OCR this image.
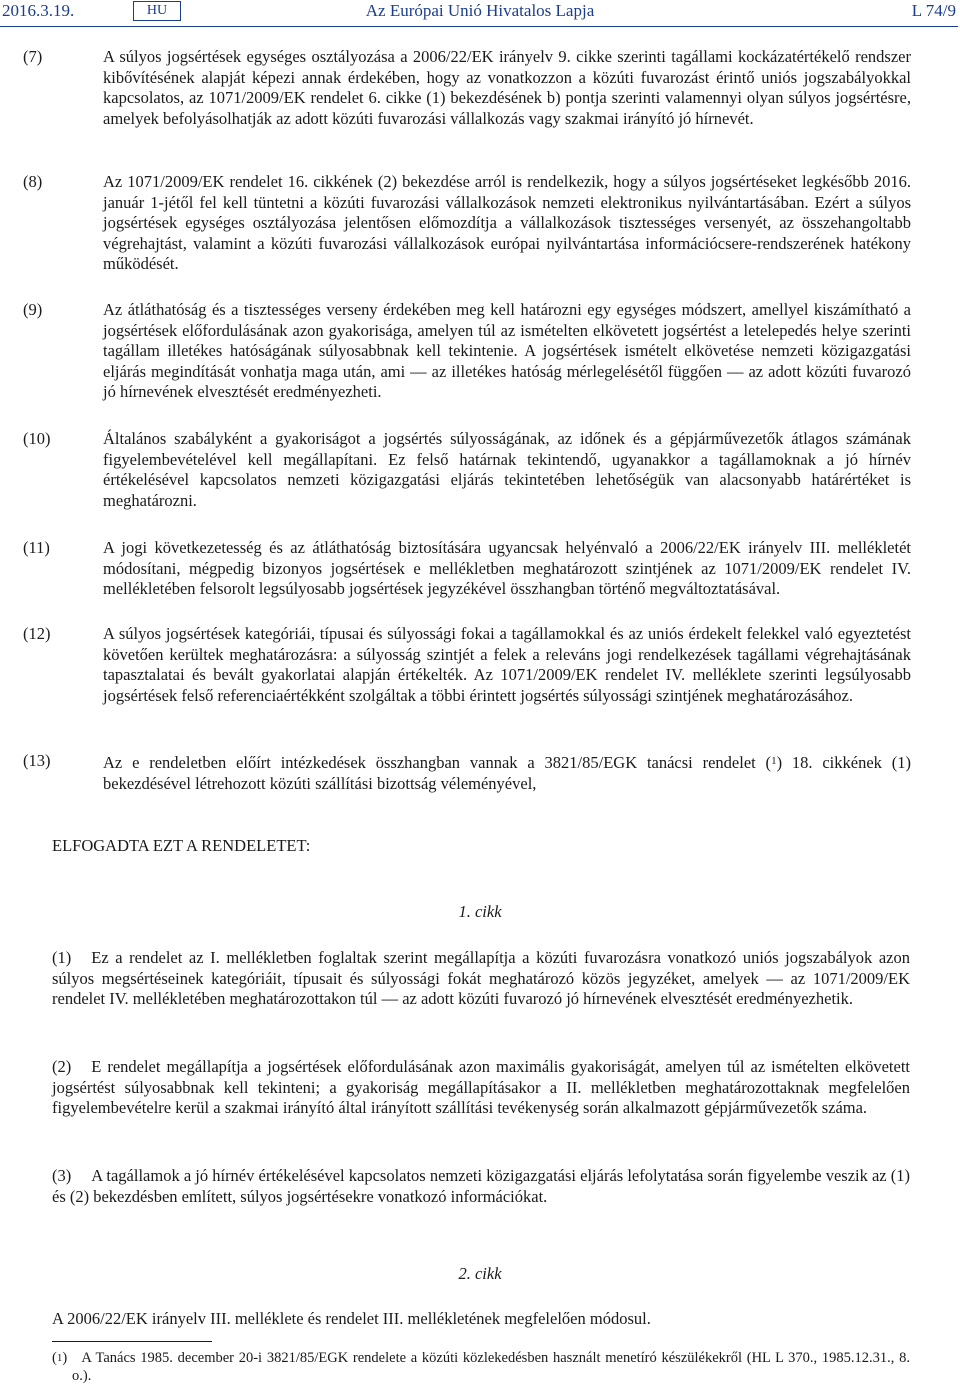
2016.3.19.	HU	Az Európai Unió Hivatalos Lapja	L 74/9
(7)	A súlyos jogsértések egységes osztályozása a 2006/22/EK irányelv 9. cikke szerinti tagállami kockázatértékelő rendszer kibővítésének alapját képezi annak érdekében, hogy az vonatkozzon a közúti fuvarozást érintő uniós jogszabályokkal kapcsolatos, az 1071/2009/EK rendelet 6. cikke (1) bekezdésének b) pontja szerinti valamennyi olyan súlyos jogsértésre, amelyek befolyásolhatják az adott közúti fuvarozási vállalkozás vagy szakmai irányító jó hírnevét.
(8)	Az 1071/2009/EK rendelet 16. cikkének (2) bekezdése arról is rendelkezik, hogy a súlyos jogsértéseket legkésőbb 2016. január 1-jétől fel kell tüntetni a közúti fuvarozási vállalkozások nemzeti elektronikus nyilvántartásában. Ezért a súlyos jogsértések egységes osztályozása jelentősen előmozdítja a vállalkozások tisztességes versenyét, az összehangoltabb végrehajtást, valamint a közúti fuvarozási vállalkozások európai nyilvántartása információcsere-rendszerének hatékony működését.
(9)	Az átláthatóság és a tisztességes verseny érdekében meg kell határozni egy egységes módszert, amellyel kiszámítható a jogsértések előfordulásának azon gyakorisága, amelyen túl az ismételten elkövetett jogsértést a letelepedés helye szerinti tagállam illetékes hatóságának súlyosabbnak kell tekintenie. A jogsértések ismételt elkövetése nemzeti közigazgatási eljárás megindítását vonhatja maga után, ami — az illetékes hatóság mérlegelésétől függően — az adott közúti fuvarozó jó hírnevének elvesztését eredményezheti.
(10)	Általános szabályként a gyakoriságot a jogsértés súlyosságának, az időnek és a gépjárművezetők átlagos számának figyelembevételével kell megállapítani. Ez felső határnak tekintendő, ugyanakkor a tagállamoknak a jó hírnév értékelésével kapcsolatos nemzeti közigazgatási eljárás tekintetében lehetőségük van alacsonyabb határértéket is meghatározni.
(11)	A jogi következetesség és az átláthatóság biztosítására ugyancsak helyénvaló a 2006/22/EK irányelv III. mellékletét módosítani, mégpedig bizonyos jogsértések e mellékletben meghatározott szintjének az 1071/2009/EK rendelet IV. mellékletében felsorolt legsúlyosabb jogsértések jegyzékével összhangban történő megváltoztatásával.
(12)	A súlyos jogsértések kategóriái, típusai és súlyossági fokai a tagállamokkal és az uniós érdekelt felekkel való egyeztetést követően kerültek meghatározásra: a súlyosság szintjét a felek a releváns jogi rendelkezések tagállami végrehajtásának tapasztalatai és bevált gyakorlatai alapján értékelték. Az 1071/2009/EK rendelet IV. melléklete szerinti legsúlyosabb jogsértések felső referenciaértékként szolgáltak a többi érintett jogsértés súlyossági szintjének meghatározásához.
(13)	Az e rendeletben előírt intézkedések összhangban vannak a 3821/85/EGK tanácsi rendelet ($^1$) 18. cikkének (1) bekezdésével létrehozott közúti szállítási bizottság véleményével,
ELFOGADTA EZT A RENDELETET:
1. cikk
(1) Ez a rendelet az I. mellékletben foglaltak szerint megállapítja a közúti fuvarozásra vonatkozó uniós jogszabályok azon súlyos megsértéseinek kategóriáit, típusait és súlyossági fokát meghatározó közös jegyzéket, amelyek — az 1071/2009/EK rendelet IV. mellékletében meghatározottakon túl — az adott közúti fuvarozó jó hírnevének elvesztését eredményezhetik.
(2) E rendelet megállapítja a jogsértések előfordulásának azon maximális gyakoriságát, amelyen túl az ismételten elkövetett jogsértést súlyosabbnak kell tekinteni; a gyakoriság megállapításakor a II. mellékletben meghatározottaknak megfelelően figyelembevételre kerül a szakmai irányító által irányított szállítási tevékenység során alkalmazott gépjárművezetők száma.
(3) A tagállamok a jó hírnév értékelésével kapcsolatos nemzeti közigazgatási eljárás lefolytatása során figyelembe veszik az (1) és (2) bekezdésben említett, súlyos jogsértésekre vonatkozó információkat.
2. cikk
A 2006/22/EK irányelv III. melléklete és rendelet III. mellékletének megfelelően módosul.
(1)   A Tanács 1985. december 20-i 3821/85/EGK rendelete a közúti közlekedésben használt menetíró készülékekről (HL L 370., 1985.12.31., 8. o.).
